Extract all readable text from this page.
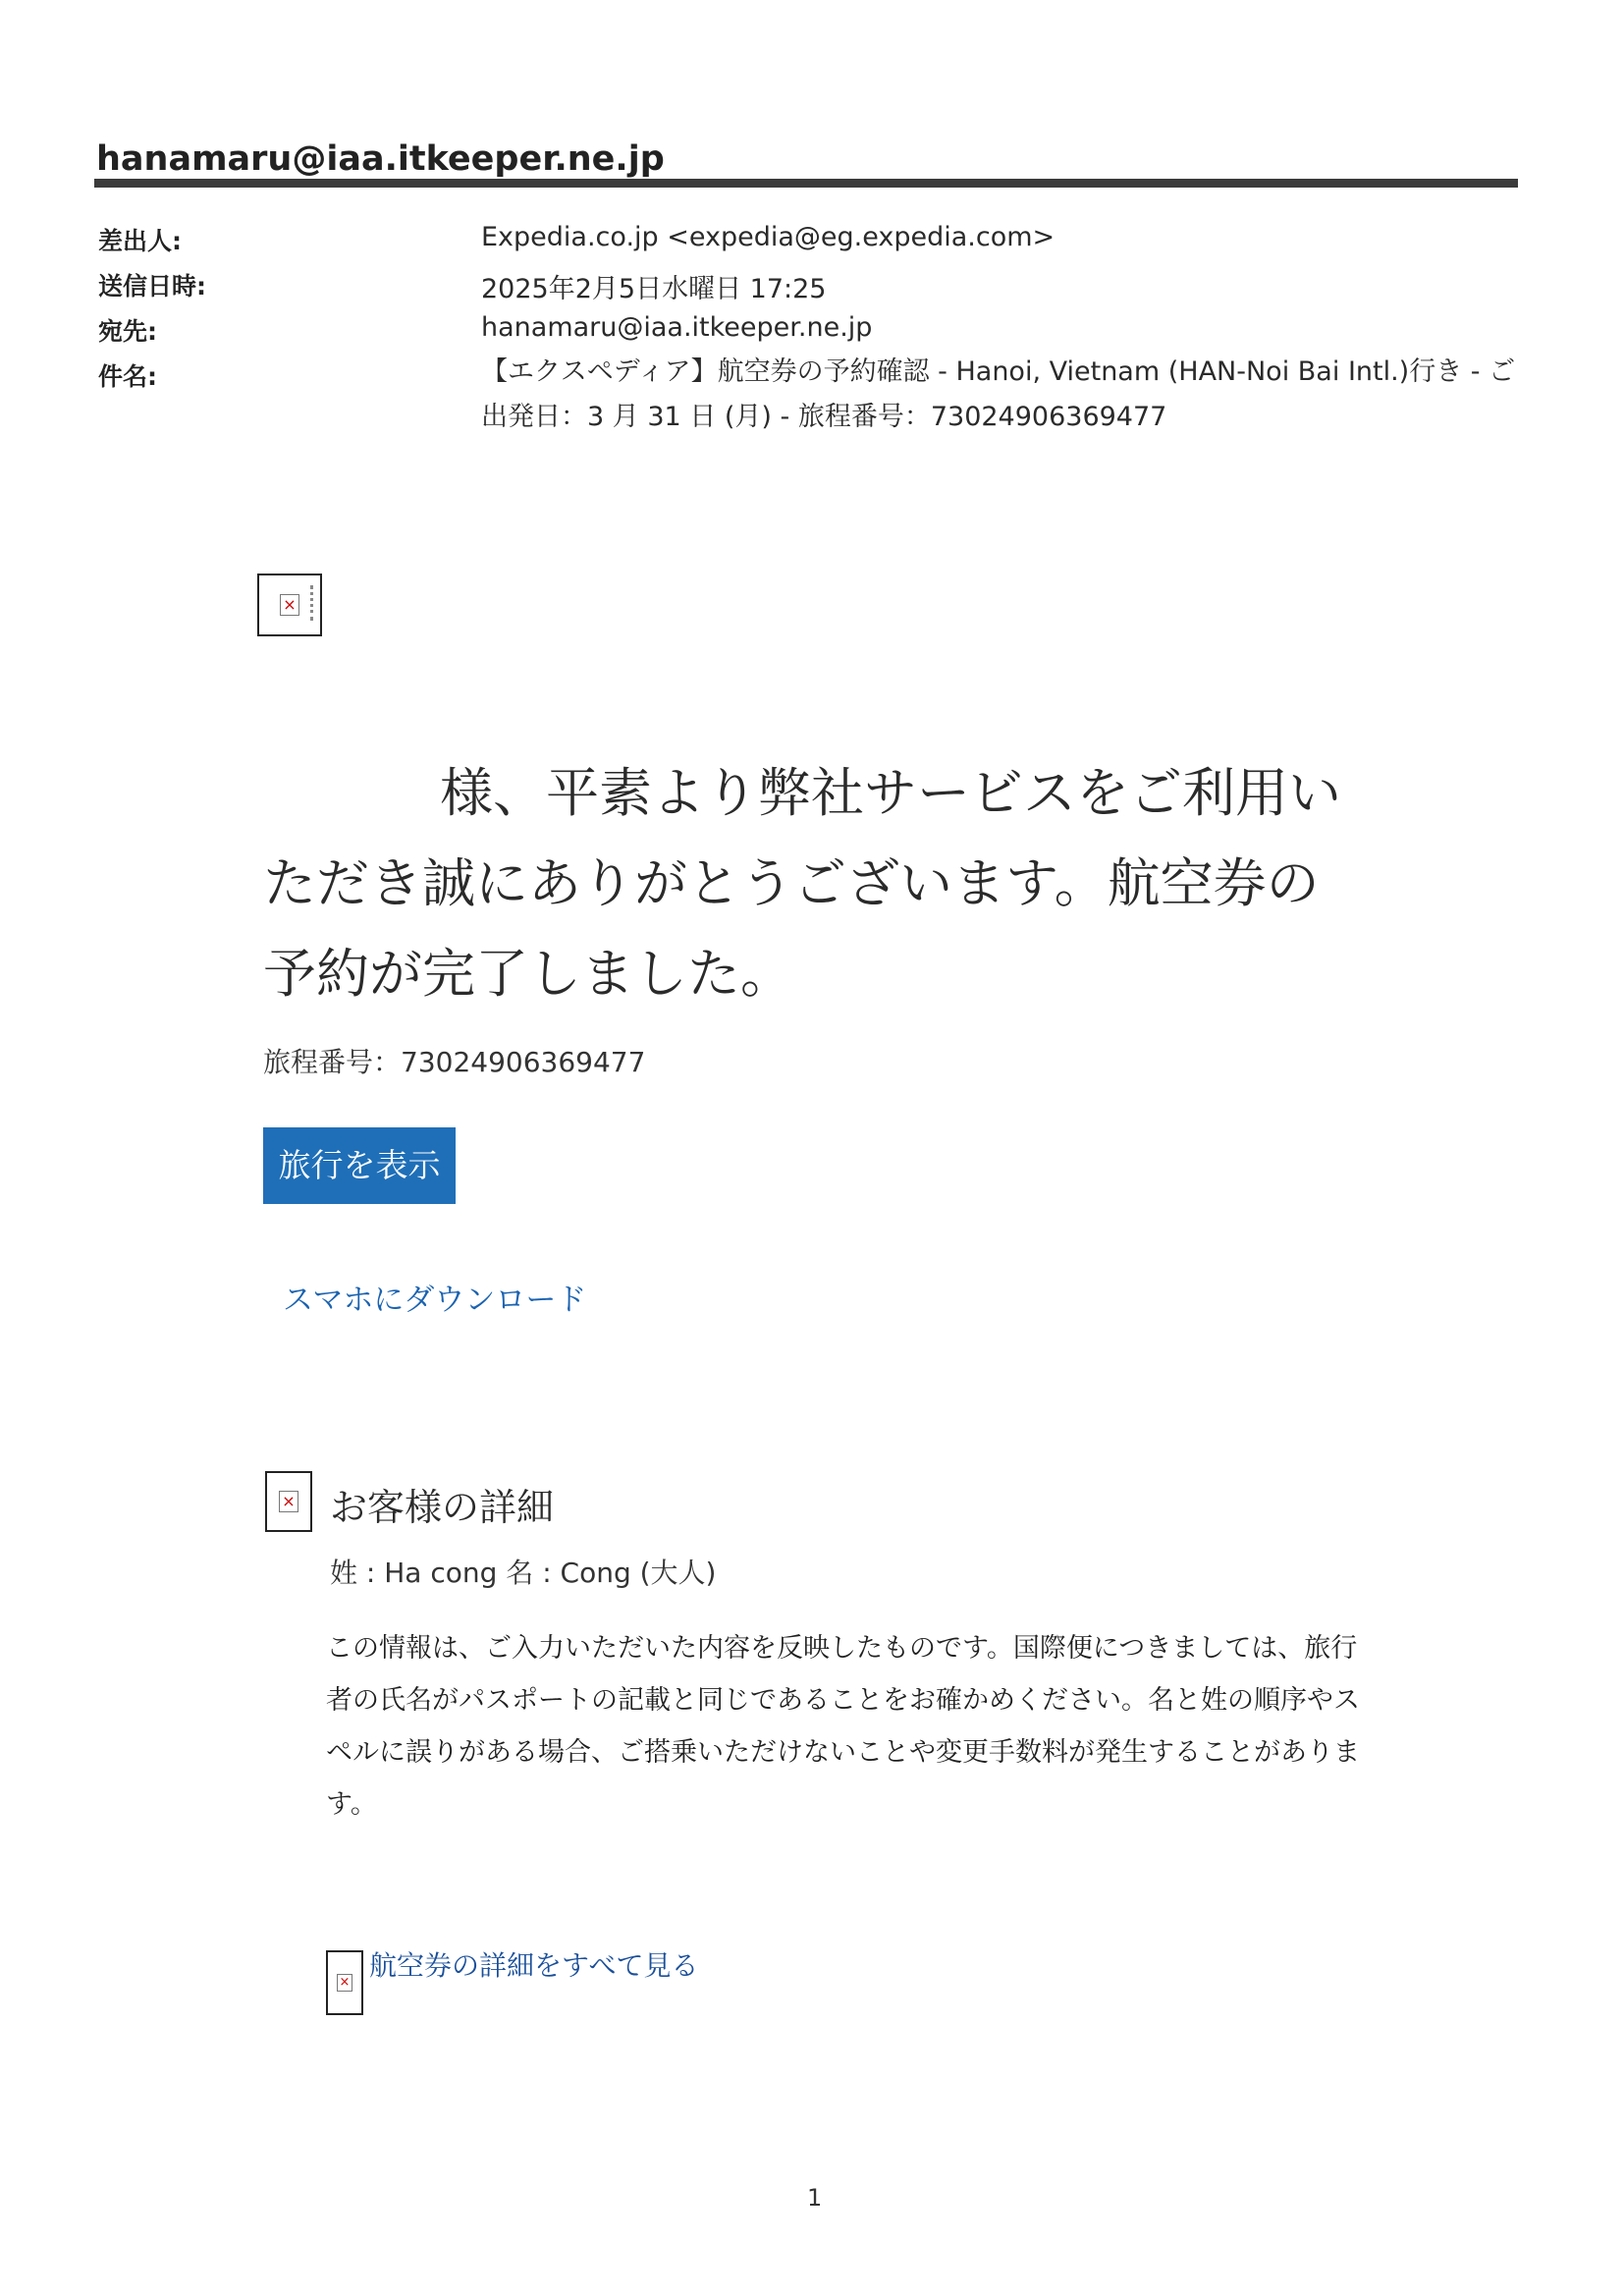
hanamaru@iaa.itkeeper.ne.jp
差出人:	Expedia.co.jp <expedia@eg.expedia.com>
送信日時:	2025年2月5日水曜日 17:25
宛先:	hanamaru@iaa.itkeeper.ne.jp
件名:	【エクスペディア】航空券の予約確認 - Hanoi, Vietnam (HAN-Noi Bai Intl.)行き - ご出発日：3 月 31 日 (月) - 旅程番号：73024906369477
×
様、平素より弊社サービスをご利用いただき誠にありがとうございます。航空券の予約が完了しました。
旅程番号：73024906369477
旅行を表示
スマホにダウンロード
× お客様の詳細
姓 : Ha cong 名 : Cong (大人)
この情報は、ご入力いただいた内容を反映したものです。国際便につきましては、旅行者の氏名がパスポートの記載と同じであることをお確かめください。名と姓の順序やスペルに誤りがある場合、ご搭乗いただけないことや変更手数料が発生することがあります。
×
航空券の詳細をすべて見る
1
